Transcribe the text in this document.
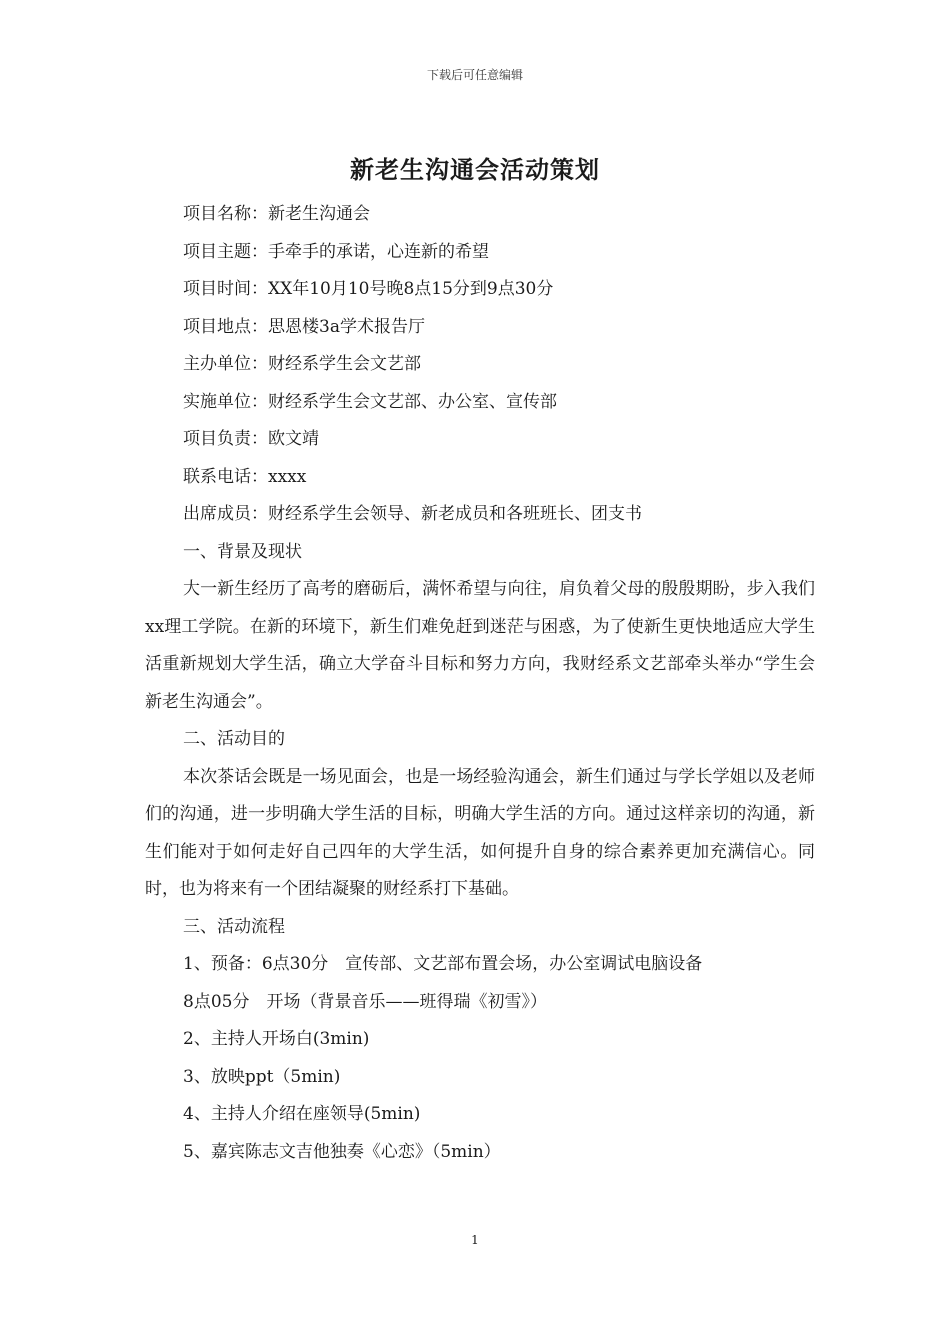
下载后可任意编辑
新老生沟通会活动策划
项目名称：新老生沟通会
项目主题：手牵手的承诺，心连新的希望
项目时间：XX年10月10号晚8点15分到9点30分
项目地点：思恩楼3a学术报告厅
主办单位：财经系学生会文艺部
实施单位：财经系学生会文艺部、办公室、宣传部
项目负责：欧文靖
联系电话：xxxx
出席成员：财经系学生会领导、新老成员和各班班长、团支书
一、背景及现状

大一新生经历了高考的磨砺后，满怀希望与向往，肩负着父母的殷殷期盼，步入我们xx理工学院。在新的环境下，新生们难免赶到迷茫与困惑，为了使新生更快地适应大学生活重新规划大学生活，确立大学奋斗目标和努力方向，我财经系文艺部牵头举办“学生会新老生沟通会”。

二、活动目的

本次茶话会既是一场见面会，也是一场经验沟通会，新生们通过与学长学姐以及老师们的沟通，进一步明确大学生活的目标，明确大学生活的方向。通过这样亲切的沟通，新生们能对于如何走好自己四年的大学生活，如何提升自身的综合素养更加充满信心。同时，也为将来有一个团结凝聚的财经系打下基础。

三、活动流程
1、预备：6点30分　宣传部、文艺部布置会场，办公室调试电脑设备
8点05分　开场（背景音乐——班得瑞《初雪》）
2、主持人开场白(3min)
3、放映ppt（5min)
4、主持人介绍在座领导(5min)
5、嘉宾陈志文吉他独奏《心恋》（5min）
1
